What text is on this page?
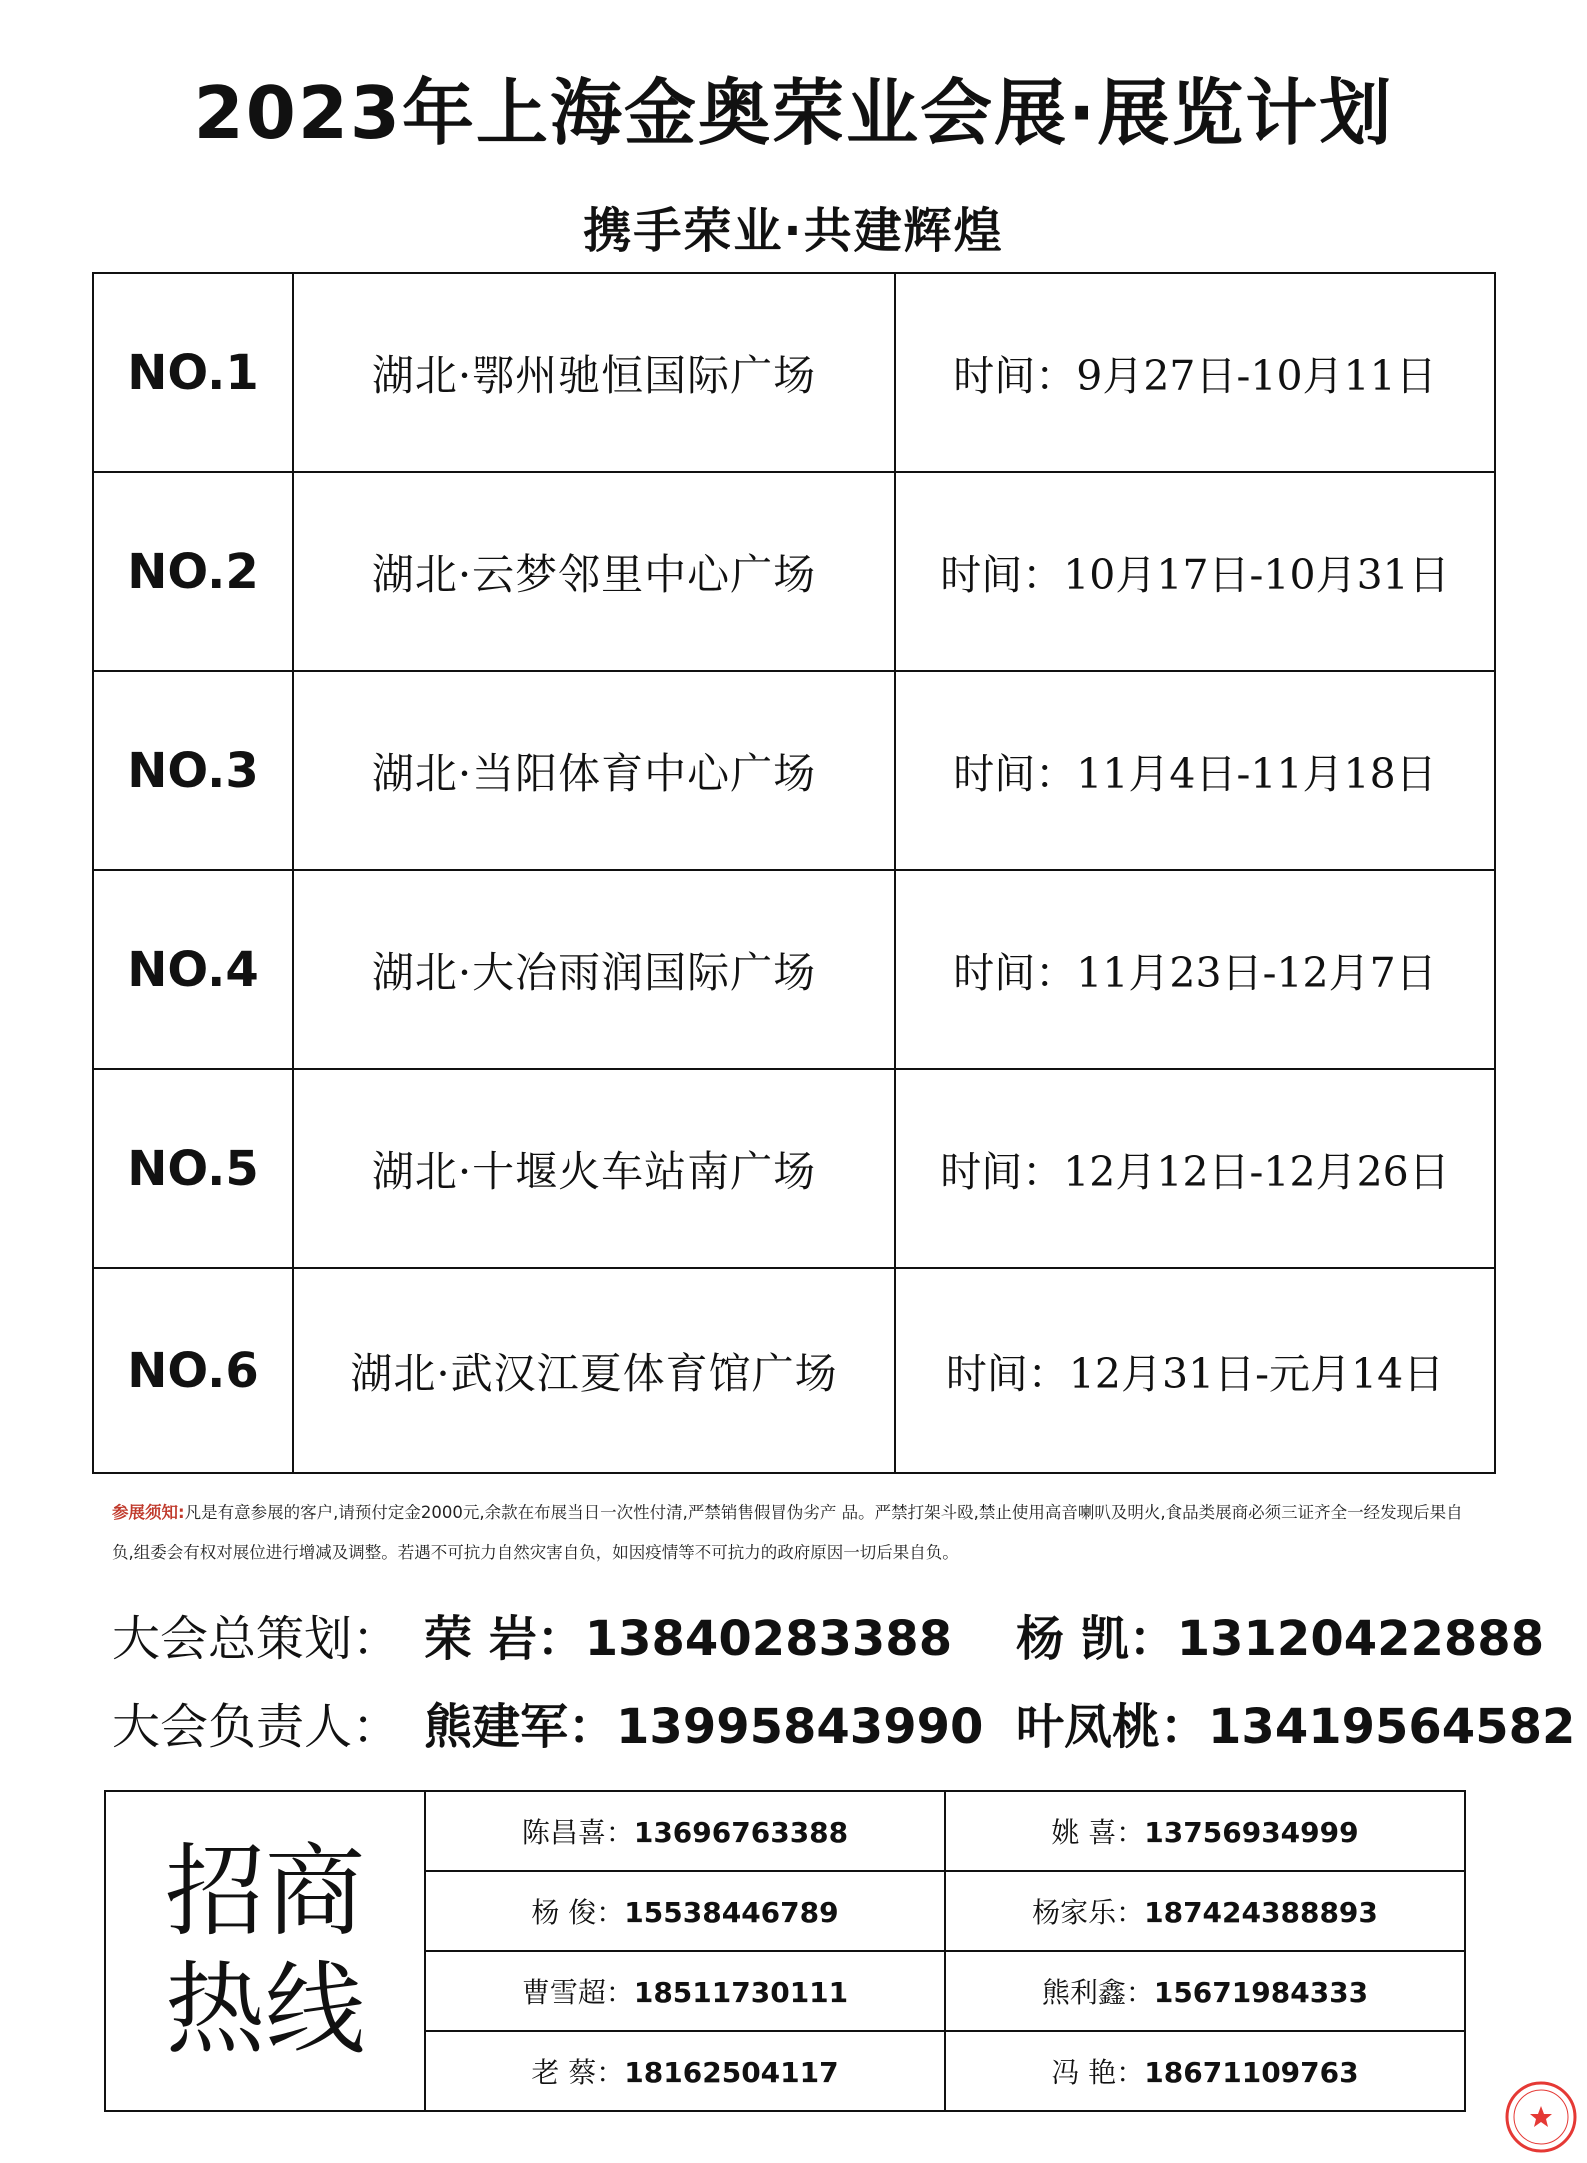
2023年上海金奥荣业会展·展览计划
携手荣业·共建辉煌
NO.1	湖北·鄂州驰恒国际广场	时间：9月27日-10月11日
NO.2	湖北·云梦邻里中心广场	时间：10月17日-10月31日
NO.3	湖北·当阳体育中心广场	时间：11月4日-11月18日
NO.4	湖北·大冶雨润国际广场	时间：11月23日-12月7日
NO.5	湖北·十堰火车站南广场	时间：12月12日-12月26日
NO.6	湖北·武汉江夏体育馆广场	时间：12月31日-元月14日
参展须知:凡是有意参展的客户,请预付定金2000元,余款在布展当日一次性付清,严禁销售假冒伪劣产 品。严禁打架斗殴,禁止使用高音喇叭及明火,食品类展商必须三证齐全一经发现后果自负,组委会有权对展位进行增减及调整。若遇不可抗力自然灾害自负，如因疫情等不可抗力的政府原因一切后果自负。
大会总策划： 荣 岩：13840283388 杨 凯：13120422888
大会负责人： 熊建军：13995843990 叶凤桃：13419564582
招商
热线	陈昌喜：13696763388	姚 喜：13756934999
	杨 俊：15538446789	杨家乐：187424388893
	曹雪超：18511730111	熊利鑫：15671984333
	老 蔡：18162504117	冯 艳：18671109763
